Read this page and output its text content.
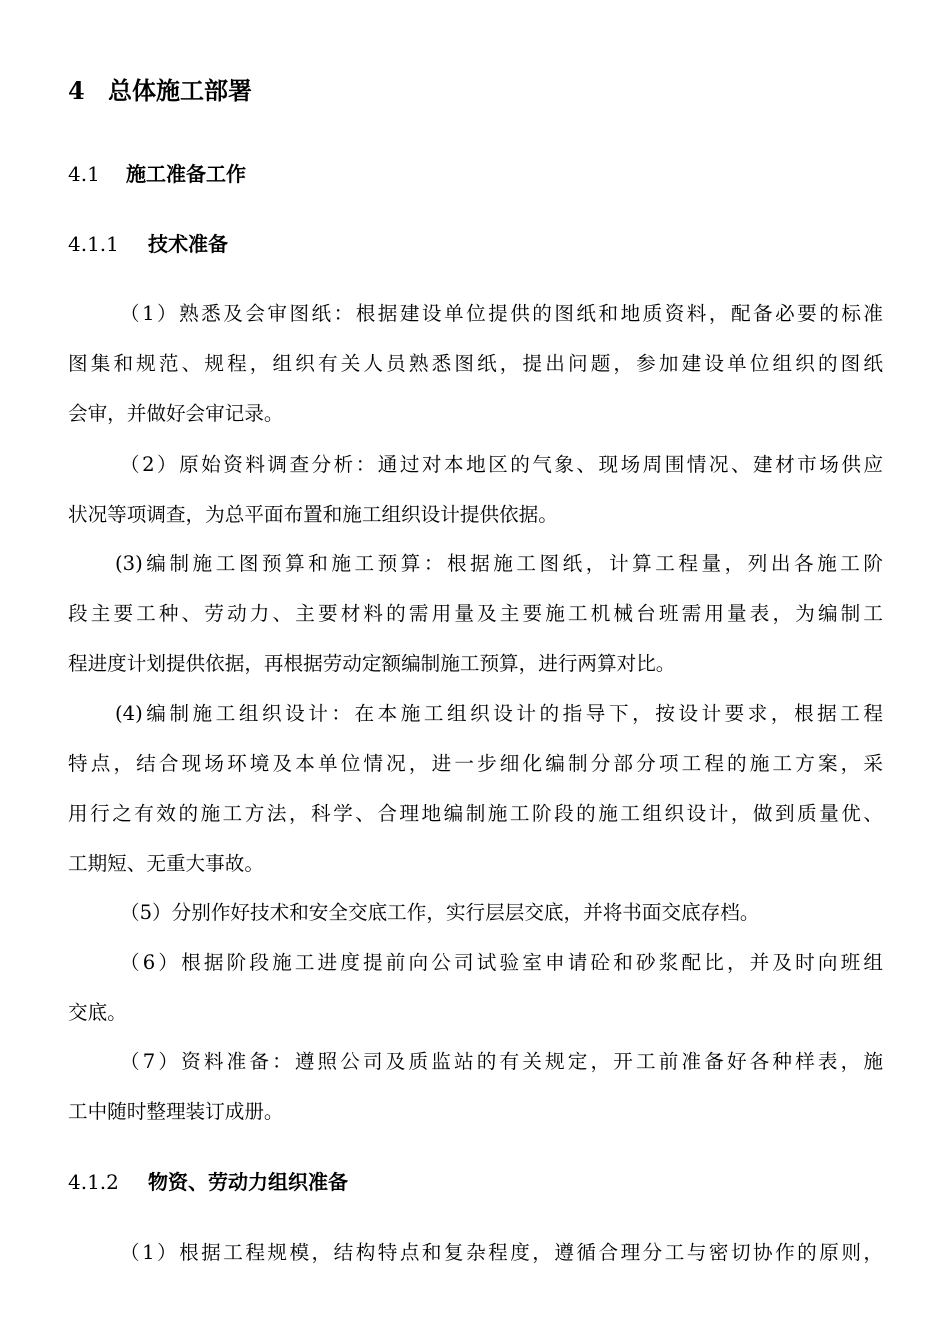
4 总体施工部署
4.1 施工准备工作
4.1.1 技术准备
（1）熟悉及会审图纸：根据建设单位提供的图纸和地质资料，配备必要的标准
图集和规范、规程，组织有关人员熟悉图纸，提出问题，参加建设单位组织的图纸
会审，并做好会审记录。
（2）原始资料调查分析：通过对本地区的气象、现场周围情况、建材市场供应
状况等项调查，为总平面布置和施工组织设计提供依据。
(3)编制施工图预算和施工预算：根据施工图纸，计算工程量，列出各施工阶
段主要工种、劳动力、主要材料的需用量及主要施工机械台班需用量表，为编制工
程进度计划提供依据，再根据劳动定额编制施工预算，进行两算对比。
(4)编制施工组织设计：在本施工组织设计的指导下，按设计要求，根据工程
特点，结合现场环境及本单位情况，进一步细化编制分部分项工程的施工方案，采
用行之有效的施工方法，科学、合理地编制施工阶段的施工组织设计，做到质量优、
工期短、无重大事故。
（5）分别作好技术和安全交底工作，实行层层交底，并将书面交底存档。
（6）根据阶段施工进度提前向公司试验室申请砼和砂浆配比，并及时向班组
交底。
（7）资料准备：遵照公司及质监站的有关规定，开工前准备好各种样表，施
工中随时整理装订成册。
4.1.2 物资、劳动力组织准备
（1）根据工程规模，结构特点和复杂程度，遵循合理分工与密切协作的原则，
